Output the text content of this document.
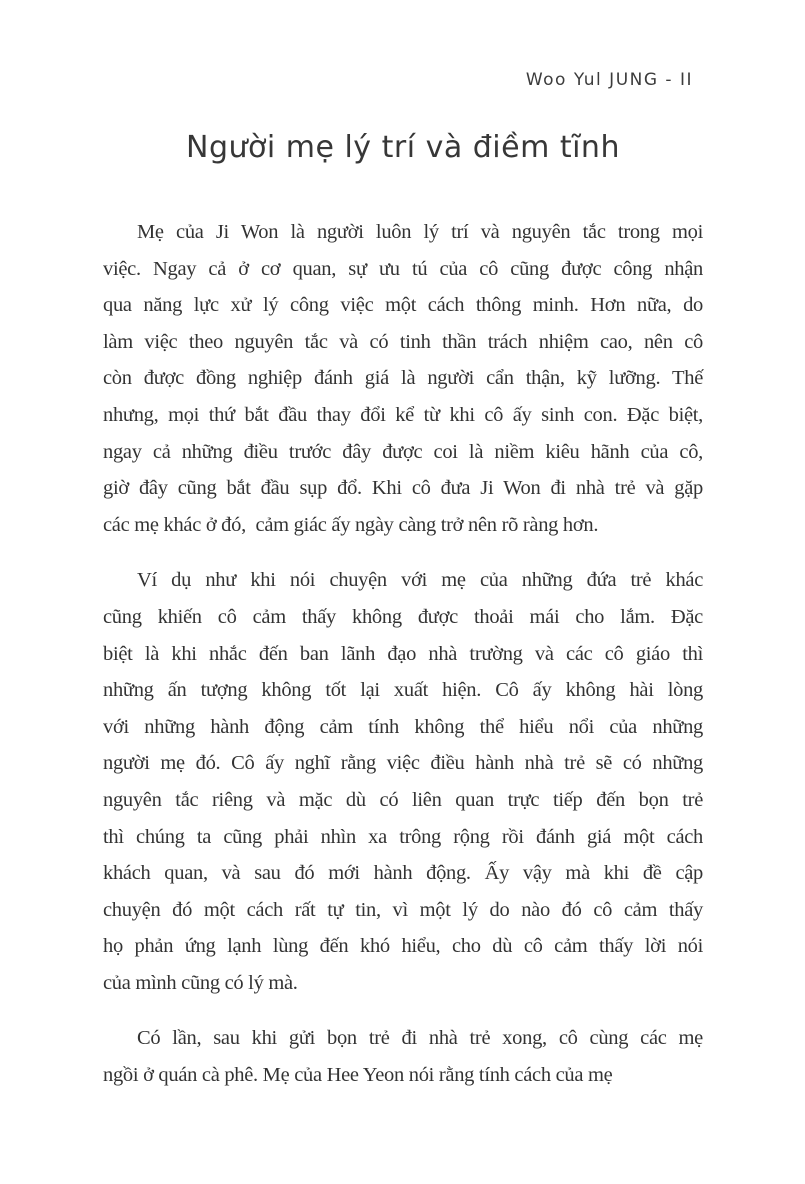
Woo Yul JUNG - II
Người mẹ lý trí và điềm tĩnh
Mẹ của Ji Won là người luôn lý trí và nguyên tắc trong mọi
việc. Ngay cả ở cơ quan, sự ưu tú của cô cũng được công nhận
qua năng lực xử lý công việc một cách thông minh. Hơn nữa, do
làm việc theo nguyên tắc và có tinh thần trách nhiệm cao, nên cô
còn được đồng nghiệp đánh giá là người cẩn thận, kỹ lưỡng. Thế
nhưng, mọi thứ bắt đầu thay đổi kể từ khi cô ấy sinh con. Đặc biệt,
ngay cả những điều trước đây được coi là niềm kiêu hãnh của cô,
giờ đây cũng bắt đầu sụp đổ. Khi cô đưa Ji Won đi nhà trẻ và gặp
các mẹ khác ở đó,  cảm giác ấy ngày càng trở nên rõ ràng hơn.
Ví dụ như khi nói chuyện với mẹ của những đứa trẻ khác
cũng khiến cô cảm thấy không được thoải mái cho lắm. Đặc
biệt là khi nhắc đến ban lãnh đạo nhà trường và các cô giáo thì
những ấn tượng không tốt lại xuất hiện. Cô ấy không hài lòng
với những hành động cảm tính không thể hiểu nổi của những
người mẹ đó. Cô ấy nghĩ rằng việc điều hành nhà trẻ sẽ có những
nguyên tắc riêng và mặc dù có liên quan trực tiếp đến bọn trẻ
thì chúng ta cũng phải nhìn xa trông rộng rồi đánh giá một cách
khách quan, và sau đó mới hành động. Ấy vậy mà khi đề cập
chuyện đó một cách rất tự tin, vì một lý do nào đó cô cảm thấy
họ phản ứng lạnh lùng đến khó hiểu, cho dù cô cảm thấy lời nói
của mình cũng có lý mà.
Có lần, sau khi gửi bọn trẻ đi nhà trẻ xong, cô cùng các mẹ
ngồi ở quán cà phê. Mẹ của Hee Yeon nói rằng tính cách của mẹ
